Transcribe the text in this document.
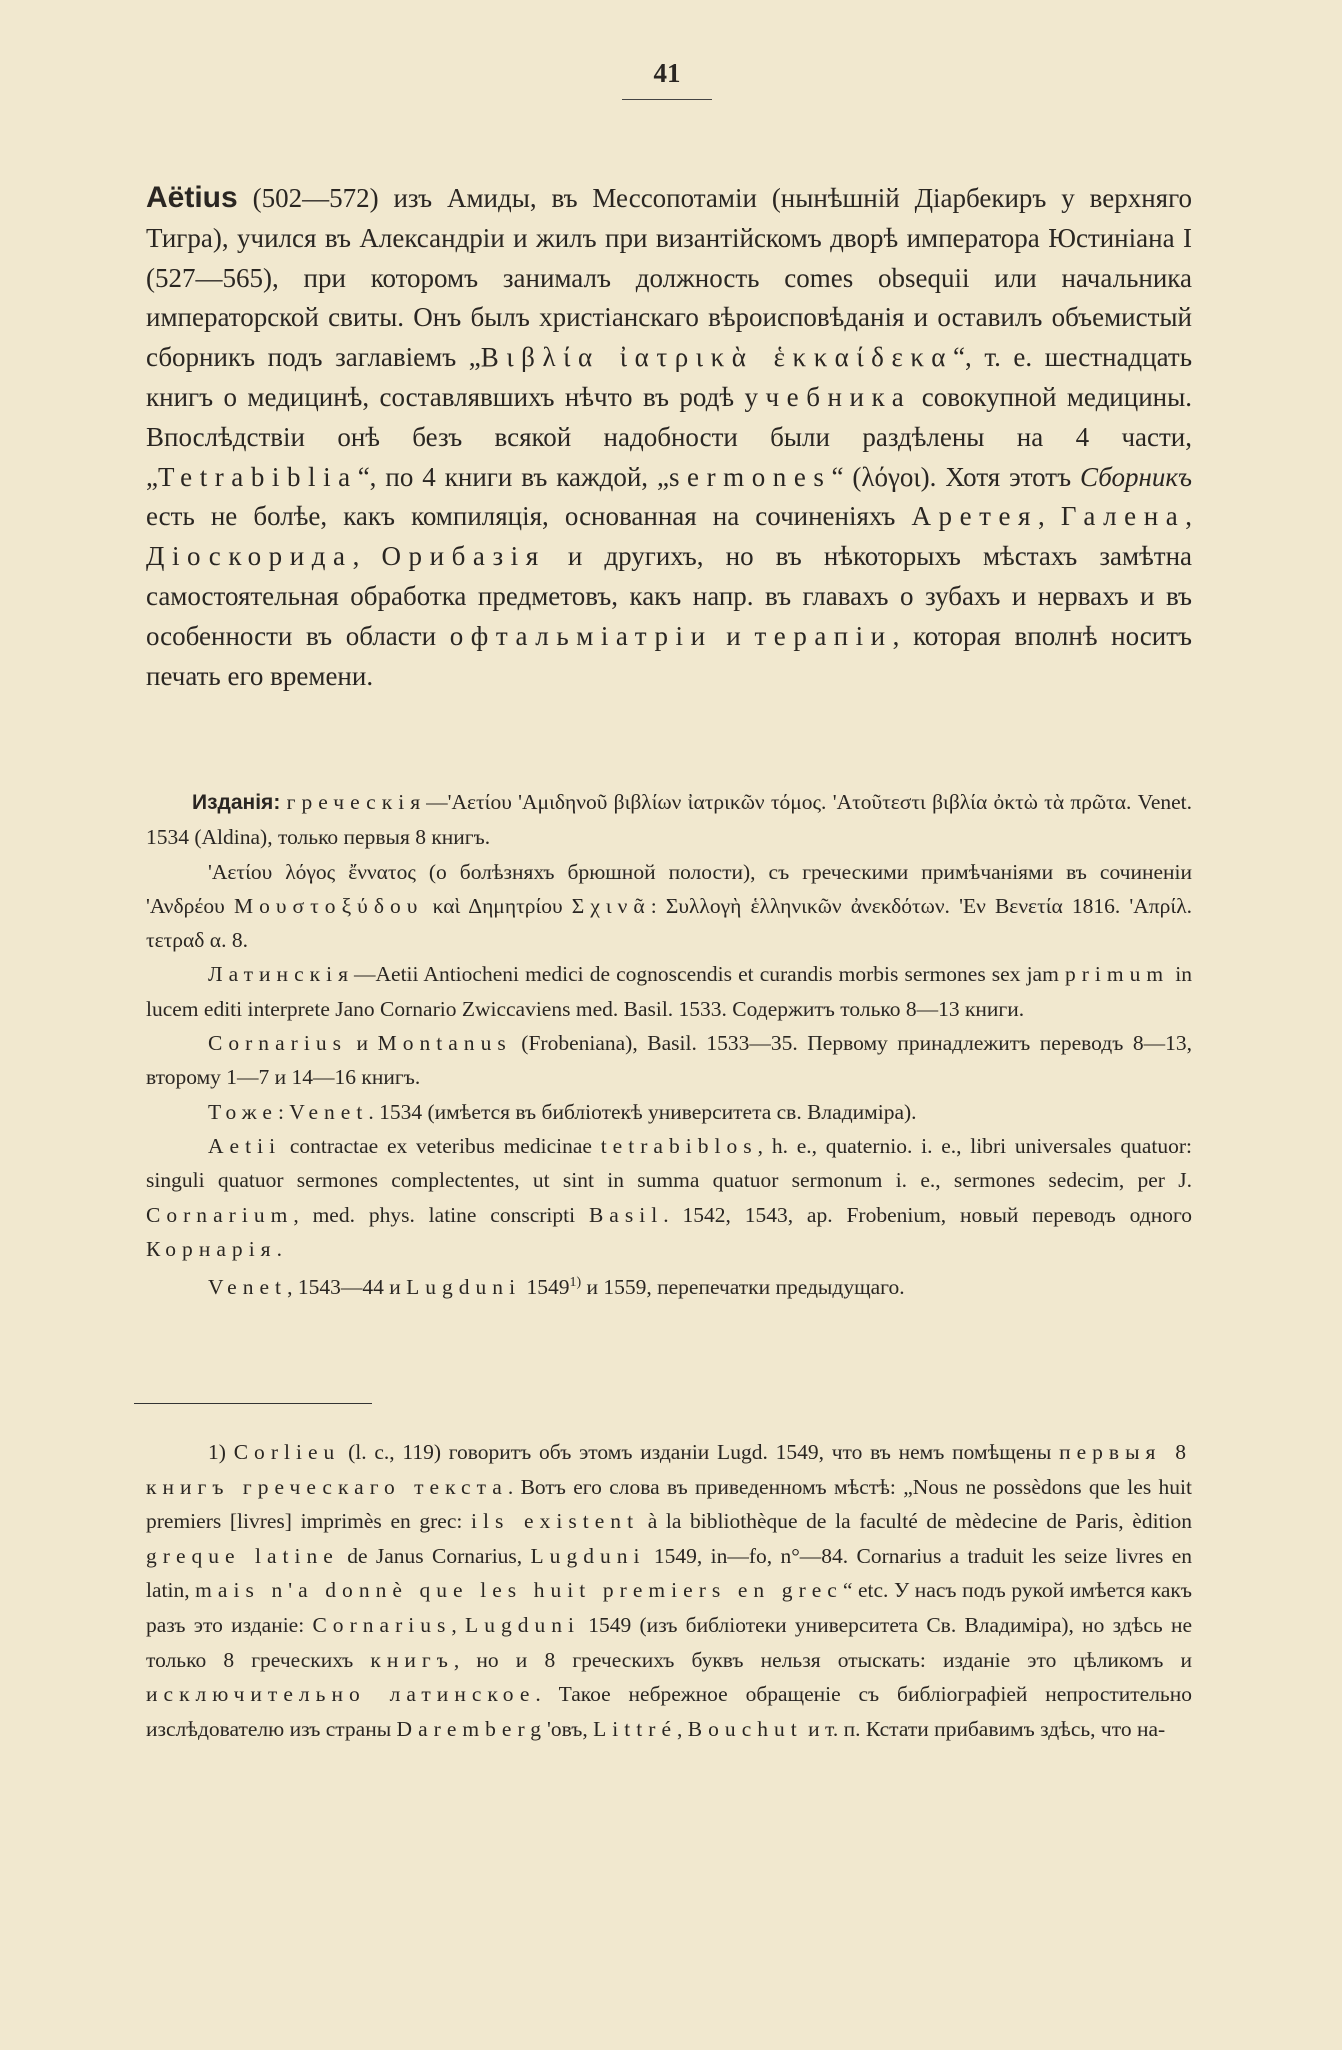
41

Aëtius (502—572) изъ Амиды, въ Мессопотаміи (нынѣшній Діарбекиръ у верхняго Тигра), учился въ Александріи и жилъ при византійскомъ дворѣ императора Юстиніана I (527—565), при которомъ занималъ должность comes obsequii или начальника императорской свиты. Онъ былъ христіанскаго вѣроисповѣданія и оставилъ объемистый сборникъ подъ заглавіемъ „Βιβλία ἰατρικὰ ἑκκαίδεκα“, т. е. шестнадцать книгъ о медицинѣ, составлявшихъ нѣчто въ родѣ учебника совокупной медицины. Впослѣдствіи онѣ безъ всякой надобности были раздѣлены на 4 части, „Tetrabiblia“, по 4 книги въ каждой, „sermones“ (λόγοι). Хотя этотъ Сборникъ есть не болѣе, какъ компиляція, основанная на сочиненіяхъ Аретея, Галена, Діоскорида, Орибазія и другихъ, но въ нѣкоторыхъ мѣстахъ замѣтна самостоятельная обработка предметовъ, какъ напр. въ главахъ о зубахъ и нервахъ и въ особенности въ области офтальміатріи и терапіи, которая вполнѣ носитъ печать его времени.

Изданія: греческія—'Αετίου 'Αμιδηνοῦ βιβλίων ἰατρικῶν τόμος. 'Ατοῦτεστι βιβλία ὀκτὼ τὰ πρῶτα. Venet. 1534 (Aldina), только первыя 8 книгъ.

'Αετίου λόγος ἔννατος (о болѣзняхъ брюшной полости), съ греческими примѣчаніями въ сочиненіи 'Ανδρέου Μουστοξύδου καὶ Δημητρίου Σχινᾶ: Συλλογὴ ἑλληνικῶν ἀνεκδότων. 'Εν Βενετία 1816. 'Απρίλ. τετραδ α. 8.

Латинскія—Aetii Antiocheni medici de cognoscendis et curandis morbis sermones sex jam primum in lucem editi interprete Jano Cornario Zwiccaviens med. Basil. 1533. Содержитъ только 8—13 книги.

Cornarius и Montanus (Frobeniana), Basil. 1533—35. Первому принадлежитъ переводъ 8—13, второму 1—7 и 14—16 книгъ.

Тоже: Venet. 1534 (имѣется въ библіотекѣ университета св. Владиміра).

Aetii contractae ex veteribus medicinae tetrabiblos, h. e., quaternio. i. e., libri universales quatuor: singuli quatuor sermones complectentes, ut sint in summa quatuor sermonum i. e., sermones sedecim, per J. Cornarium, med. phys. latine conscripti Basil. 1542, 1543, ap. Frobenium, новый переводъ одного Корнарія.

Venet, 1543—44 и Lugduni 1549$^{1)}$ и 1559, перепечатки предыдущаго.

1) Corlieu (l. c., 119) говоритъ объ этомъ изданіи Lugd. 1549, что въ немъ помѣщены первыя 8 книгъ греческаго текста. Вотъ его слова въ приведенномъ мѣстѣ: „Nous ne possèdons que les huit premiers [livres] imprimès en grec: ils existent à la bibliothèque de la faculté de mèdecine de Paris, èdition greque latine de Janus Cornarius, Lugduni 1549, in—fo, n°—84. Cornarius a traduit les seize livres en latin, mais n'a donnè que les huit premiers en grec“ etc. У насъ подъ рукой имѣется какъ разъ это изданіе: Cornarius, Lugduni 1549 (изъ библіотеки университета Св. Владиміра), но здѣсь не только 8 греческихъ книгъ, но и 8 греческихъ буквъ нельзя отыскать: изданіе это цѣликомъ и исключительно латинское. Такое небрежное обращеніе съ библіографіей непростительно изслѣдователю изъ страны Daremberg'овъ, Littré, Bouchut и т. п. Кстати прибавимъ здѣсь, что на-
